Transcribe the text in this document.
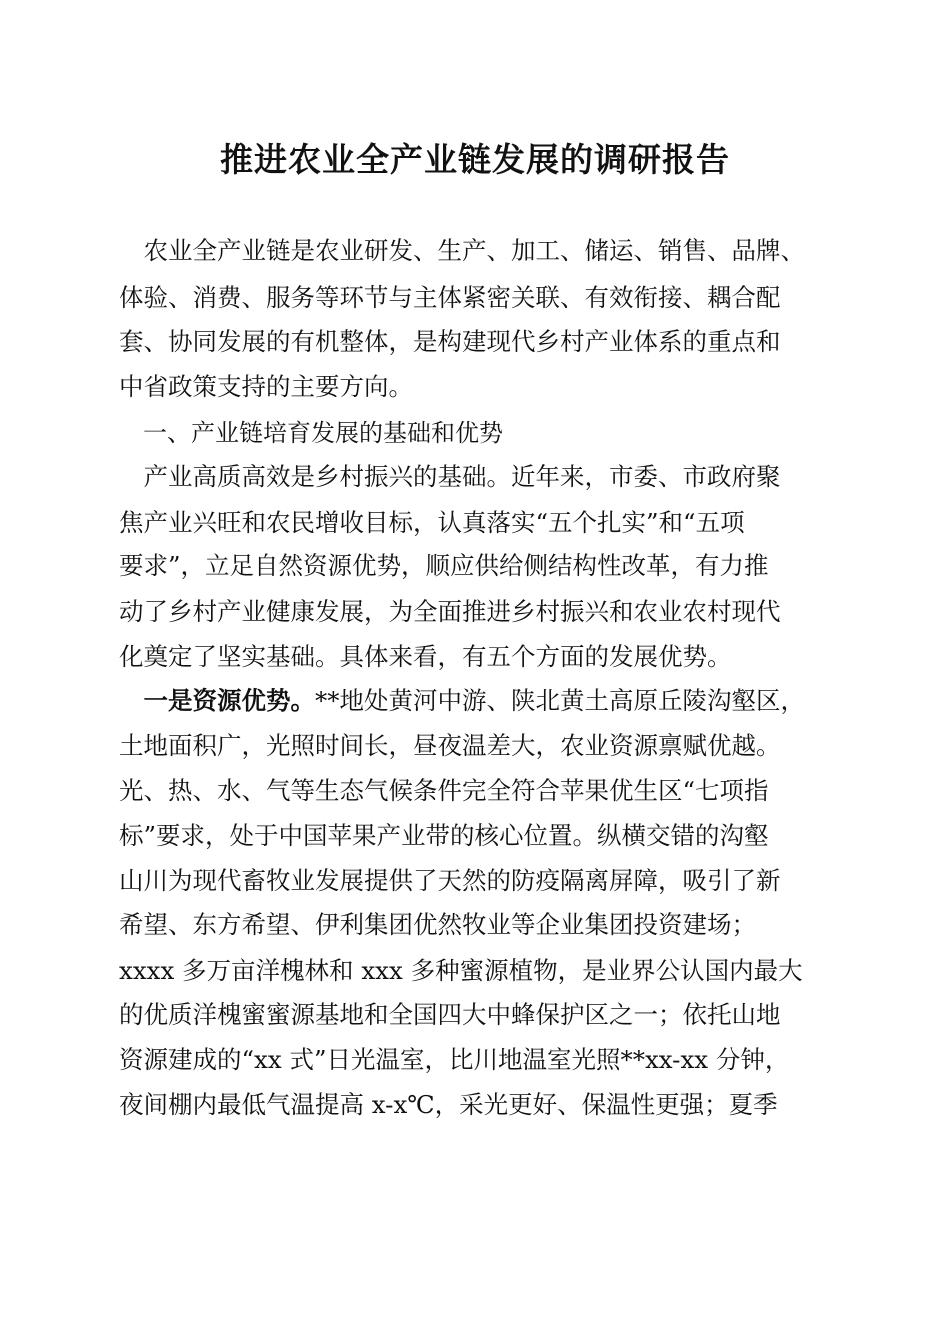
推进农业全产业链发展的调研报告

　农业全产业链是农业研发、生产、加工、储运、销售、品牌、

体验、消费、服务等环节与主体紧密关联、有效衔接、耦合配

套、协同发展的有机整体，是构建现代乡村产业体系的重点和

中省政策支持的主要方向。

　一、产业链培育发展的基础和优势

　产业高质高效是乡村振兴的基础。近年来，市委、市政府聚

焦产业兴旺和农民增收目标，认真落实“五个扎实”和“五项

要求”，立足自然资源优势，顺应供给侧结构性改革，有力推

动了乡村产业健康发展，为全面推进乡村振兴和农业农村现代

化奠定了坚实基础。具体来看，有五个方面的发展优势。

　一是资源优势。**地处黄河中游、陕北黄土高原丘陵沟壑区，

土地面积广，光照时间长，昼夜温差大，农业资源禀赋优越。

光、热、水、气等生态气候条件完全符合苹果优生区“七项指

标”要求，处于中国苹果产业带的核心位置。纵横交错的沟壑

山川为现代畜牧业发展提供了天然的防疫隔离屏障，吸引了新

希望、东方希望、伊利集团优然牧业等企业集团投资建场；

xxxx 多万亩洋槐林和 xxx 多种蜜源植物，是业界公认国内最大

的优质洋槐蜜蜜源基地和全国四大中蜂保护区之一；依托山地

资源建成的“xx 式”日光温室，比川地温室光照**xx-xx 分钟，

夜间棚内最低气温提高 x-x℃，采光更好、保温性更强；夏季
